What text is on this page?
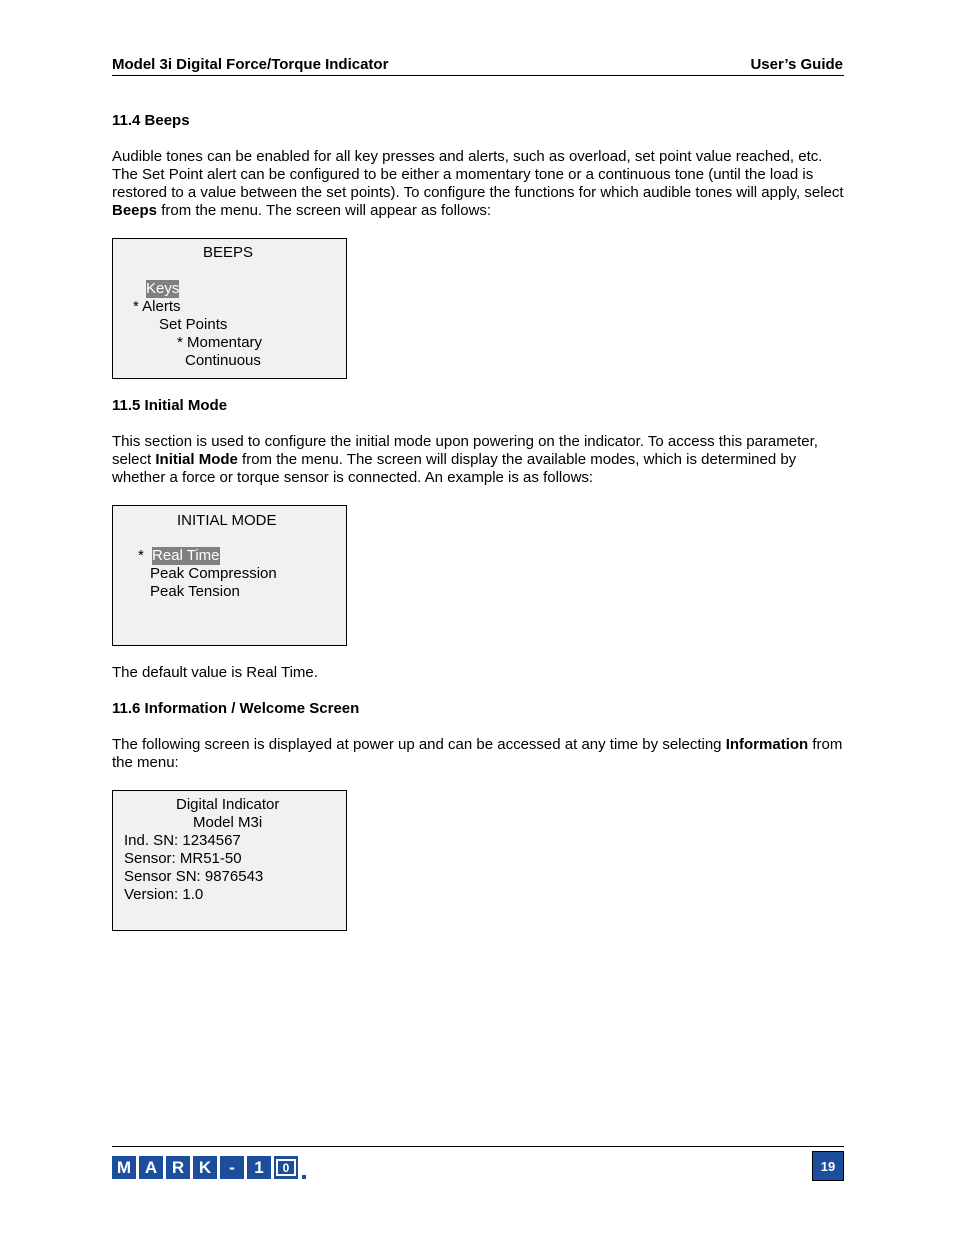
Model 3i Digital Force/Torque Indicator	User’s Guide
11.4 Beeps
Audible tones can be enabled for all key presses and alerts, such as overload, set point value reached, etc. The Set Point alert can be configured to be either a momentary tone or a continuous tone (until the load is restored to a value between the set points). To configure the functions for which audible tones will apply, select Beeps from the menu. The screen will appear as follows:
BEEPS
Keys
* Alerts
Set Points
* Momentary
Continuous
11.5 Initial Mode
This section is used to configure the initial mode upon powering on the indicator. To access this parameter, select Initial Mode from the menu. The screen will display the available modes, which is determined by whether a force or torque sensor is connected. An example is as follows:
INITIAL MODE
* Real Time
Peak Compression
Peak Tension
The default value is Real Time.
11.6 Information / Welcome Screen
The following screen is displayed at power up and can be accessed at any time by selecting Information from the menu:
Digital Indicator
Model M3i
Ind. SN: 1234567
Sensor: MR51-50
Sensor SN: 9876543
Version: 1.0
M A R K	-	1	0	19
